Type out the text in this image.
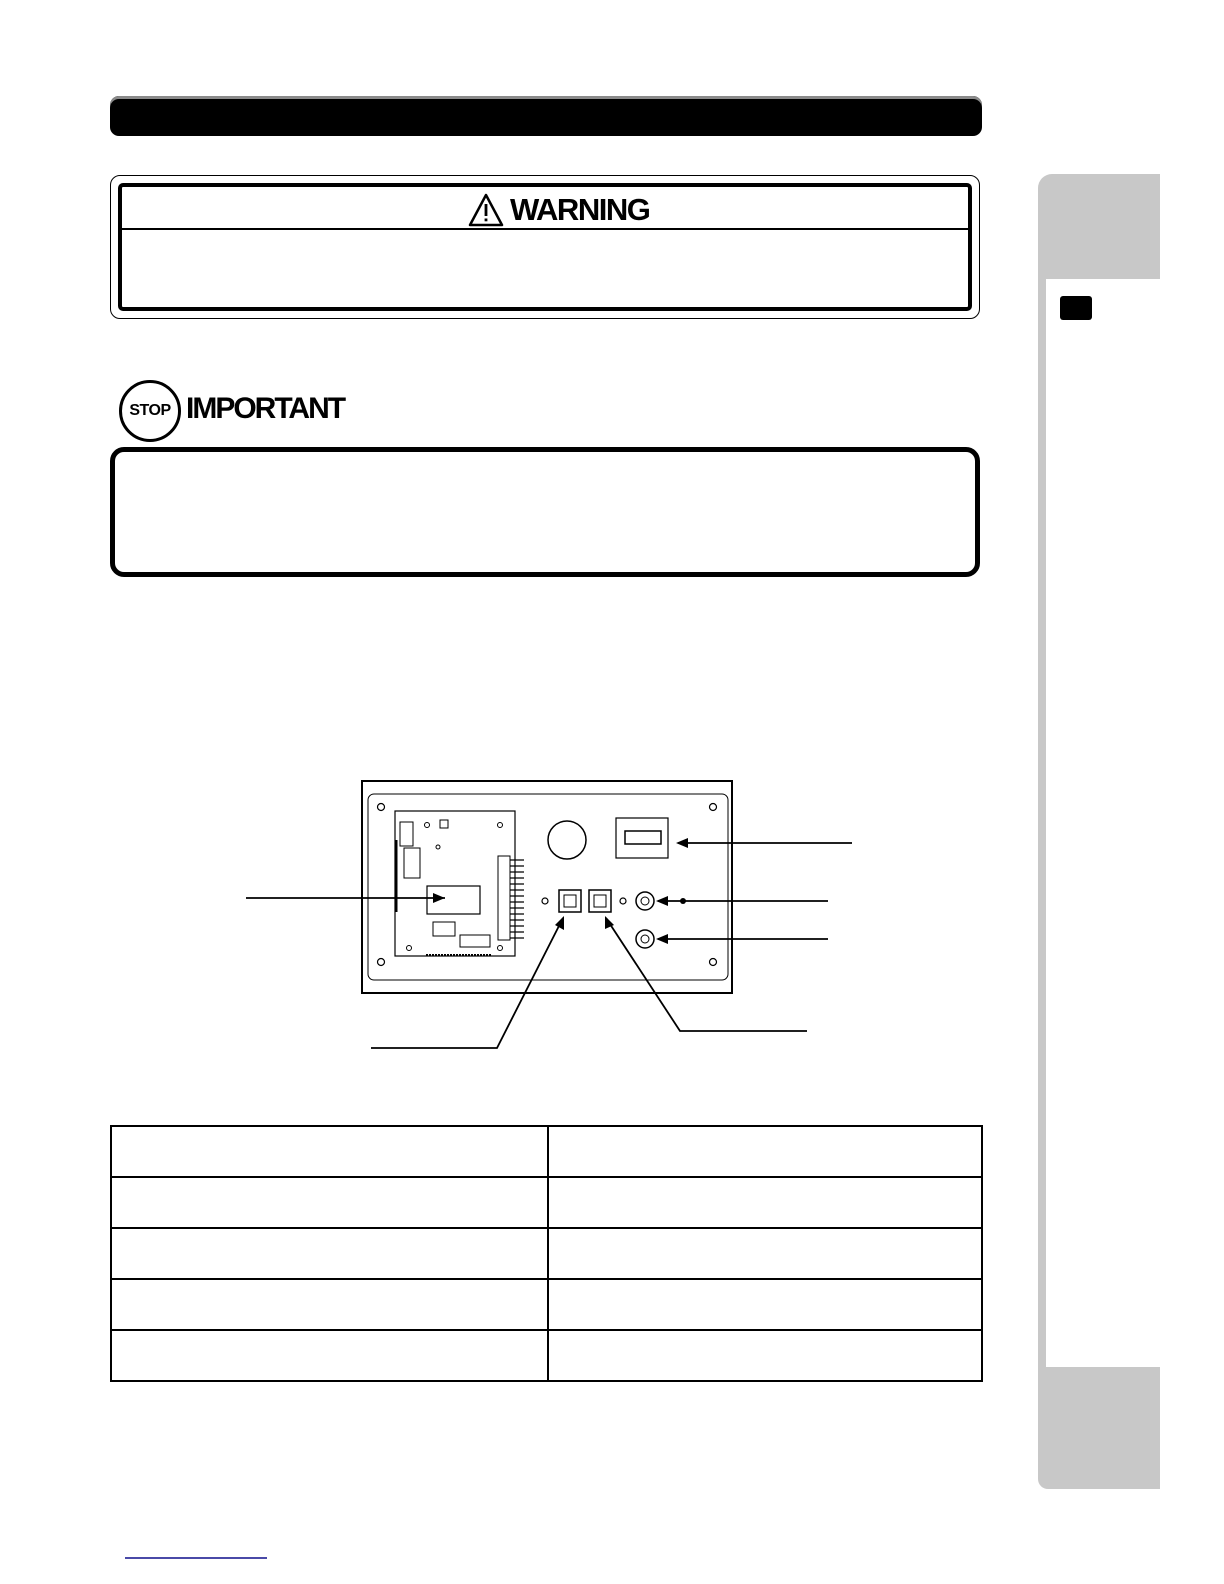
WARNING
STOP IMPORTANT
